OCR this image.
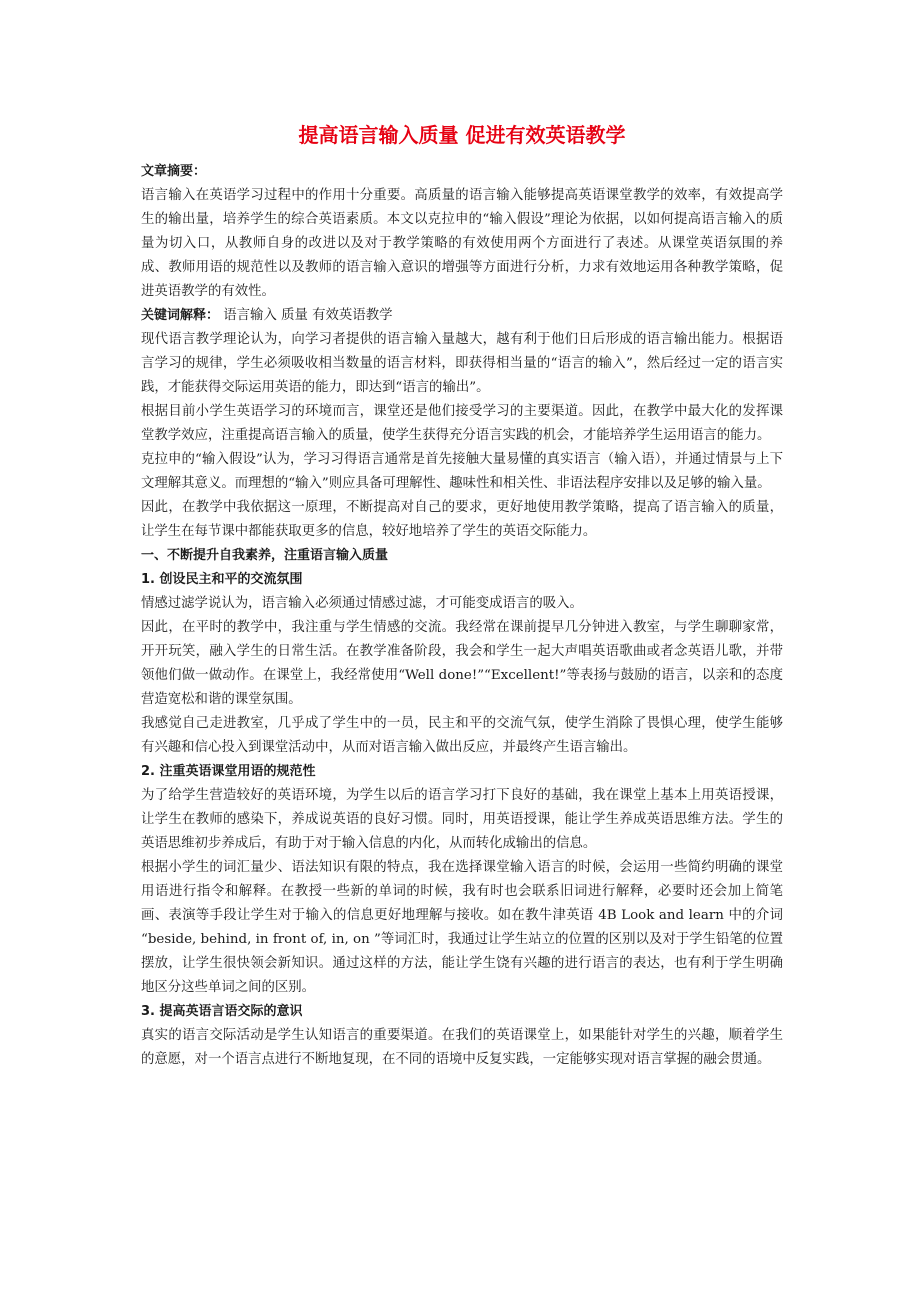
提高语言输入质量 促进有效英语教学
文章摘要：
语言输入在英语学习过程中的作用十分重要。高质量的语言输入能够提高英语课堂教学的效率，有效提高学生的输出量，培养学生的综合英语素质。本文以克拉申的“输入假设”理论为依据，以如何提高语言输入的质量为切入口，从教师自身的改进以及对于教学策略的有效使用两个方面进行了表述。从课堂英语氛围的养成、教师用语的规范性以及教师的语言输入意识的增强等方面进行分析，力求有效地运用各种教学策略，促进英语教学的有效性。
关键词解释： 语言输入 质量 有效英语教学
现代语言教学理论认为，向学习者提供的语言输入量越大，越有利于他们日后形成的语言输出能力。根据语言学习的规律，学生必须吸收相当数量的语言材料，即获得相当量的“语言的输入”，然后经过一定的语言实践，才能获得交际运用英语的能力，即达到“语言的输出”。
根据目前小学生英语学习的环境而言，课堂还是他们接受学习的主要渠道。因此，在教学中最大化的发挥课堂教学效应，注重提高语言输入的质量，使学生获得充分语言实践的机会，才能培养学生运用语言的能力。
克拉申的“输入假设”认为，学习习得语言通常是首先接触大量易懂的真实语言（输入语），并通过情景与上下文理解其意义。而理想的“输入”则应具备可理解性、趣味性和相关性、非语法程序安排以及足够的输入量。
因此，在教学中我依据这一原理，不断提高对自己的要求，更好地使用教学策略，提高了语言输入的质量，让学生在每节课中都能获取更多的信息，较好地培养了学生的英语交际能力。
一、不断提升自我素养，注重语言输入质量
1. 创设民主和平的交流氛围
情感过滤学说认为，语言输入必须通过情感过滤，才可能变成语言的吸入。
因此，在平时的教学中，我注重与学生情感的交流。我经常在课前提早几分钟进入教室，与学生聊聊家常，开开玩笑，融入学生的日常生活。在教学准备阶段，我会和学生一起大声唱英语歌曲或者念英语儿歌，并带领他们做一做动作。在课堂上，我经常使用“Well done!”“Excellent!”等表扬与鼓励的语言，以亲和的态度营造宽松和谐的课堂氛围。
我感觉自己走进教室，几乎成了学生中的一员，民主和平的交流气氛，使学生消除了畏惧心理，使学生能够有兴趣和信心投入到课堂活动中，从而对语言输入做出反应，并最终产生语言输出。
2. 注重英语课堂用语的规范性
为了给学生营造较好的英语环境，为学生以后的语言学习打下良好的基础，我在课堂上基本上用英语授课，让学生在教师的感染下，养成说英语的良好习惯。同时，用英语授课，能让学生养成英语思维方法。学生的英语思维初步养成后，有助于对于输入信息的内化，从而转化成输出的信息。
根据小学生的词汇量少、语法知识有限的特点，我在选择课堂输入语言的时候，会运用一些简约明确的课堂用语进行指令和解释。在教授一些新的单词的时候，我有时也会联系旧词进行解释，必要时还会加上简笔画、表演等手段让学生对于输入的信息更好地理解与接收。如在教牛津英语 4B Look and learn 中的介词 “beside, behind, in front of, in, on ”等词汇时，我通过让学生站立的位置的区别以及对于学生铅笔的位置摆放，让学生很快领会新知识。通过这样的方法，能让学生饶有兴趣的进行语言的表达，也有利于学生明确地区分这些单词之间的区别。
3. 提高英语言语交际的意识
真实的语言交际活动是学生认知语言的重要渠道。在我们的英语课堂上，如果能针对学生的兴趣，顺着学生的意愿，对一个语言点进行不断地复现，在不同的语境中反复实践，一定能够实现对语言掌握的融会贯通。
